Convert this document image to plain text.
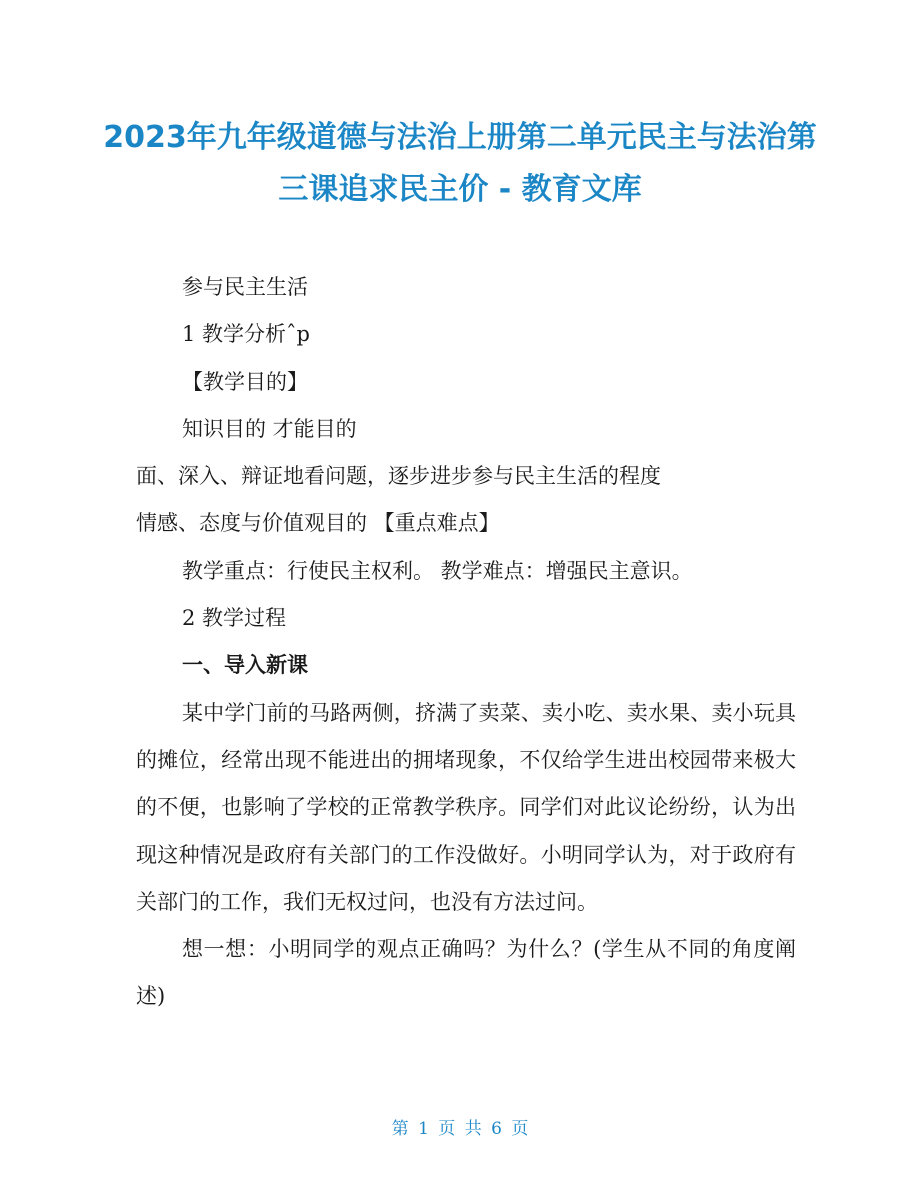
2023年九年级道德与法治上册第二单元民主与法治第三课追求民主价 - 教育文库

参与民主生活

1 教学分析ˆp

【教学目的】

知识目的 才能目的

面、深入、辩证地看问题，逐步进步参与民主生活的程度

情感、态度与价值观目的 【重点难点】

教学重点：行使民主权利。 教学难点：增强民主意识。

2 教学过程

一、导入新课

某中学门前的马路两侧，挤满了卖菜、卖小吃、卖水果、卖小玩具的摊位，经常出现不能进出的拥堵现象，不仅给学生进出校园带来极大的不便，也影响了学校的正常教学秩序。同学们对此议论纷纷，认为出现这种情况是政府有关部门的工作没做好。小明同学认为，对于政府有关部门的工作，我们无权过问，也没有方法过问。

想一想：小明同学的观点正确吗？为什么？(学生从不同的角度阐述)

第 1 页 共 6 页
